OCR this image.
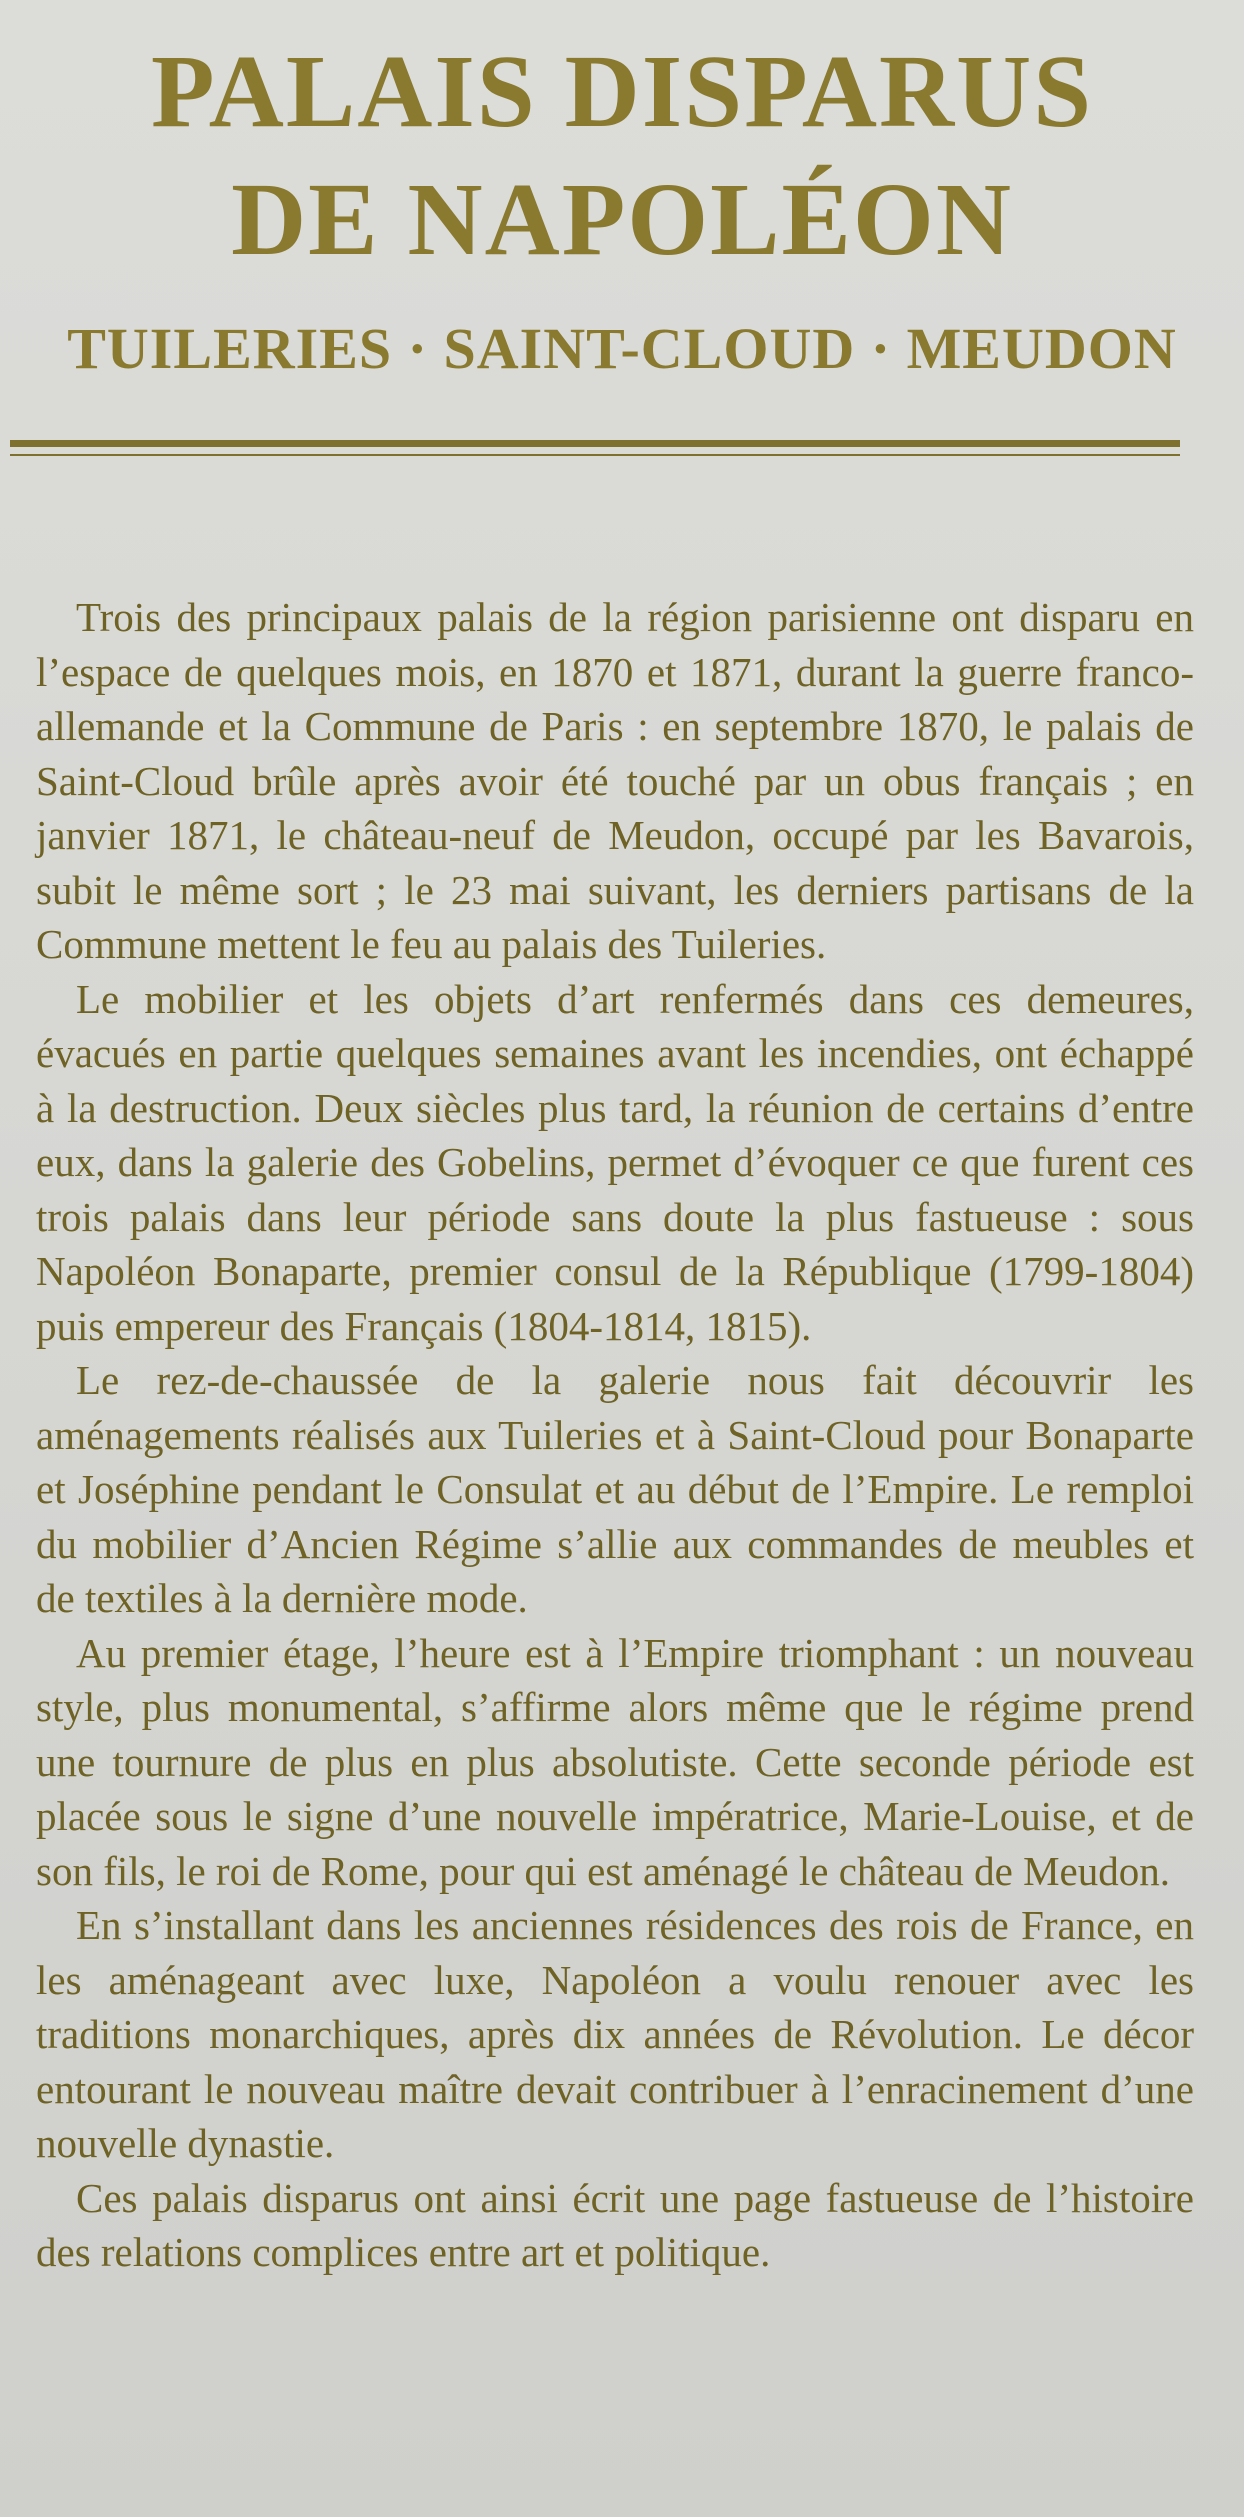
PALAIS DISPARUS
DE NAPOLÉON
TUILERIES · SAINT-CLOUD · MEUDON

Trois des principaux palais de la région parisienne ont disparu en l’espace de quelques mois, en 1870 et 1871, durant la guerre franco-allemande et la Commune de Paris : en septembre 1870, le palais de Saint-Cloud brûle après avoir été touché par un obus français ; en janvier 1871, le château-neuf de Meudon, occupé par les Bavarois, subit le même sort ; le 23 mai suivant, les derniers partisans de la Commune mettent le feu au palais des Tuileries.

Le mobilier et les objets d’art renfermés dans ces demeures, évacués en partie quelques semaines avant les incendies, ont échappé à la destruction. Deux siècles plus tard, la réunion de certains d’entre eux, dans la galerie des Gobelins, permet d’évoquer ce que furent ces trois palais dans leur période sans doute la plus fastueuse : sous Napoléon Bonaparte, premier consul de la République (1799-1804) puis empereur des Français (1804-1814, 1815).

Le rez-de-chaussée de la galerie nous fait découvrir les aménagements réalisés aux Tuileries et à Saint-Cloud pour Bonaparte et Joséphine pendant le Consulat et au début de l’Empire. Le remploi du mobilier d’Ancien Régime s’allie aux commandes de meubles et de textiles à la dernière mode.

Au premier étage, l’heure est à l’Empire triomphant : un nouveau style, plus monumental, s’affirme alors même que le régime prend une tournure de plus en plus absolutiste. Cette seconde période est placée sous le signe d’une nouvelle impératrice, Marie-Louise, et de son fils, le roi de Rome, pour qui est aménagé le château de Meudon.

En s’installant dans les anciennes résidences des rois de France, en les aménageant avec luxe, Napoléon a voulu renouer avec les traditions monarchiques, après dix années de Révolution. Le décor entourant le nouveau maître devait contribuer à l’enracinement d’une nouvelle dynastie.

Ces palais disparus ont ainsi écrit une page fastueuse de l’histoire des relations complices entre art et politique.
